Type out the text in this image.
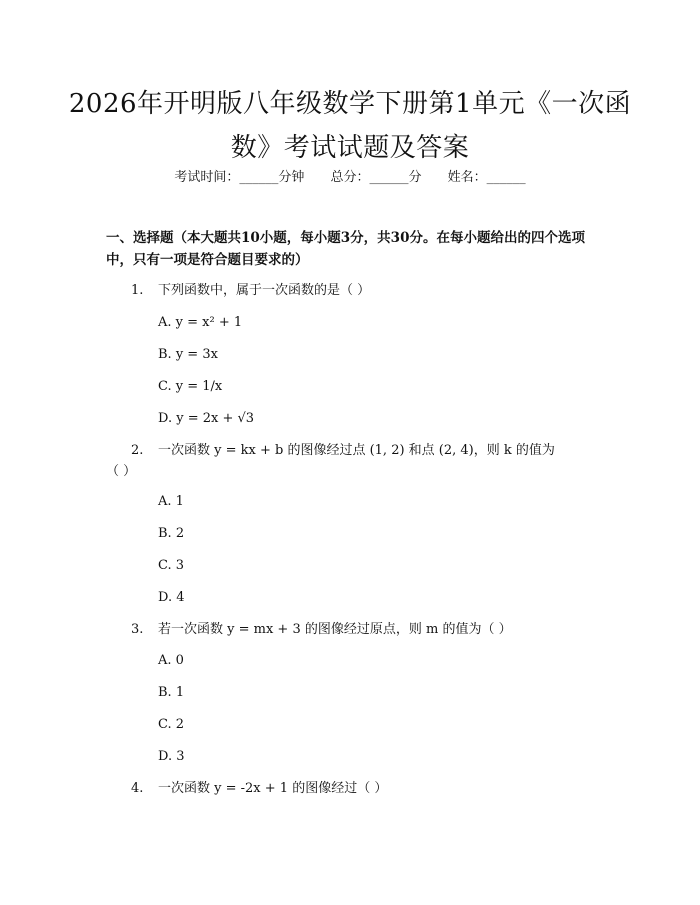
2026年开明版八年级数学下册第1单元《一次函数》考试试题及答案
考试时间：______分钟 总分：______分 姓名：______
一、选择题（本大题共10小题，每小题3分，共30分。在每小题给出的四个选项中，只有一项是符合题目要求的）
1. 下列函数中，属于一次函数的是（ ）
A. y = x² + 1
B. y = 3x
C. y = 1/x
D. y = 2x + √3
2. 一次函数 y = kx + b 的图像经过点 (1, 2) 和点 (2, 4)，则 k 的值为
（ ）
A. 1
B. 2
C. 3
D. 4
3. 若一次函数 y = mx + 3 的图像经过原点，则 m 的值为（ ）
A. 0
B. 1
C. 2
D. 3
4. 一次函数 y = -2x + 1 的图像经过（ ）
